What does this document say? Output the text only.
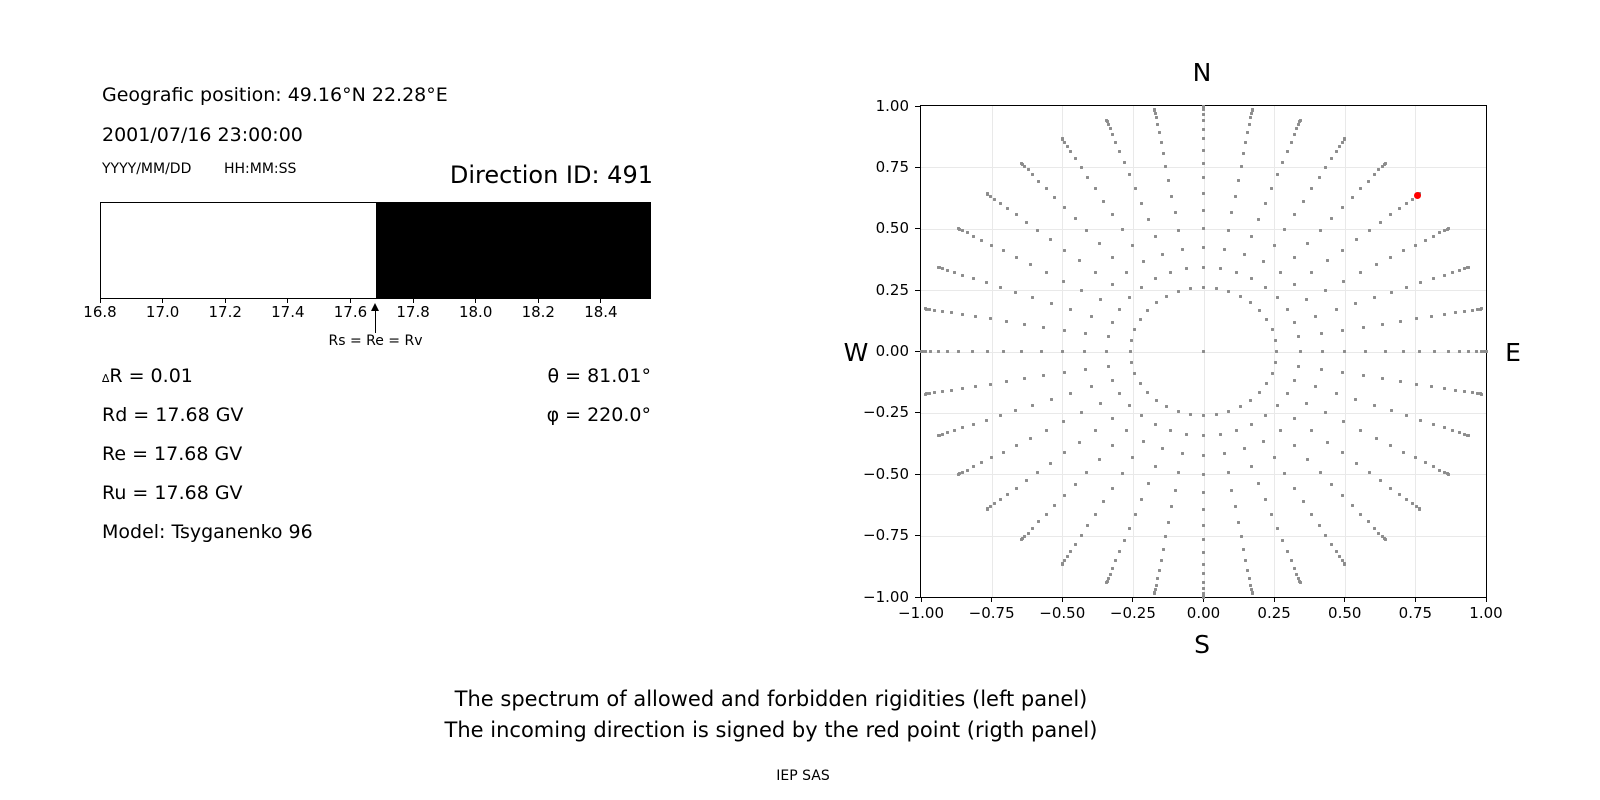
Geografic position: 49.16°N 22.28°E
2001/07/16 23:00:00
YYYY/MM/DD HH:MM:SS	Direction ID: 491
16.8 17.0 17.2 17.4 17.6 17.8 18.0 18.2 18.4
Rs = Re = Rv
∆R = 0.01
Rd = 17.68 GV
Re = 17.68 GV
Ru = 17.68 GV
Model: Tsyganenko 96
θ = 81.01°
φ = 220.0°
N
W	E
S
−1.00 −0.75 −0.50 −0.25 0.00 0.25 0.50 0.75 1.00
1.00
0.75
0.50
0.25
0.00
−0.25
−0.50
−0.75
−1.00
The spectrum of allowed and forbidden rigidities (left panel)
The incoming direction is signed by the red point (rigth panel)
IEP SAS
